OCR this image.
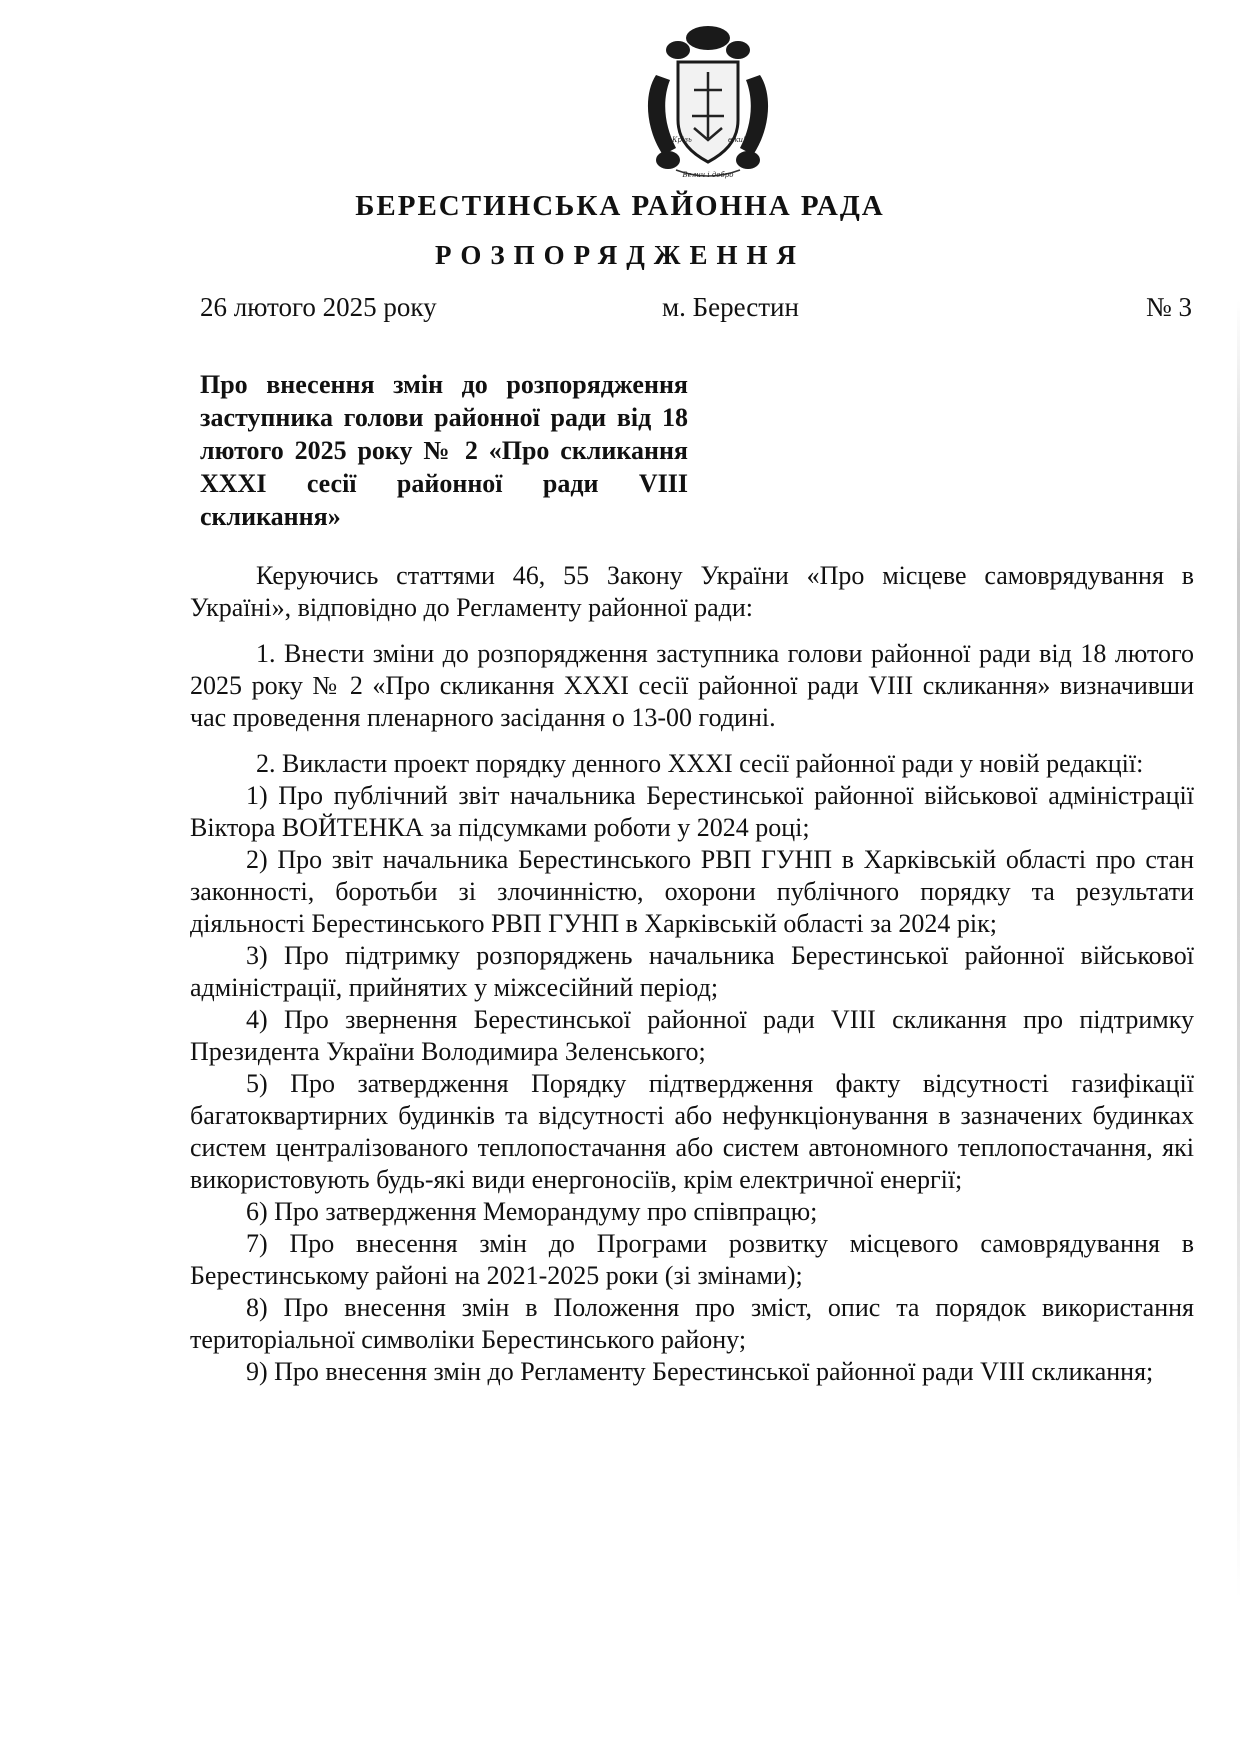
Крізь	віки!
Велич і добро
БЕРЕСТИНСЬКА РАЙОННА РАДА
РОЗПОРЯДЖЕННЯ
26 лютого 2025 року	м. Берестин	№ 3
Про внесення змін до розпорядження заступника голови районної ради від 18 лютого 2025 року № 2 «Про скликання XXXI сесії районної ради VIII скликання»

Керуючись статтями 46, 55 Закону України «Про місцеве самоврядування в Україні», відповідно до Регламенту районної ради:

1. Внести зміни до розпорядження заступника голови районної ради від 18 лютого 2025 року № 2 «Про скликання XXXI сесії районної ради VIII скликання» визначивши час проведення пленарного засідання о 13-00 годині.

2. Викласти проект порядку денного XXXI сесії районної ради у новій редакції:

1) Про публічний звіт начальника Берестинської районної військової адміністрації Віктора ВОЙТЕНКА за підсумками роботи у 2024 році;

2) Про звіт начальника Берестинського РВП ГУНП в Харківській області про стан законності, боротьби зі злочинністю, охорони публічного порядку та результати діяльності Берестинського РВП ГУНП в Харківській області за 2024 рік;

3) Про підтримку розпоряджень начальника Берестинської районної військової адміністрації, прийнятих у міжсесійний період;

4) Про звернення Берестинської районної ради VIII скликання про підтримку Президента України Володимира Зеленського;

5) Про затвердження Порядку підтвердження факту відсутності газифікації багатоквартирних будинків та відсутності або нефункціонування в зазначених будинках систем централізованого теплопостачання або систем автономного теплопостачання, які використовують будь-які види енергоносіїв, крім електричної енергії;

6) Про затвердження Меморандуму про співпрацю;

7) Про внесення змін до Програми розвитку місцевого самоврядування в Берестинському районі на 2021-2025 роки (зі змінами);

8) Про внесення змін в Положення про зміст, опис та порядок використання територіальної символіки Берестинського району;

9) Про внесення змін до Регламенту Берестинської районної ради VIII скликання;
